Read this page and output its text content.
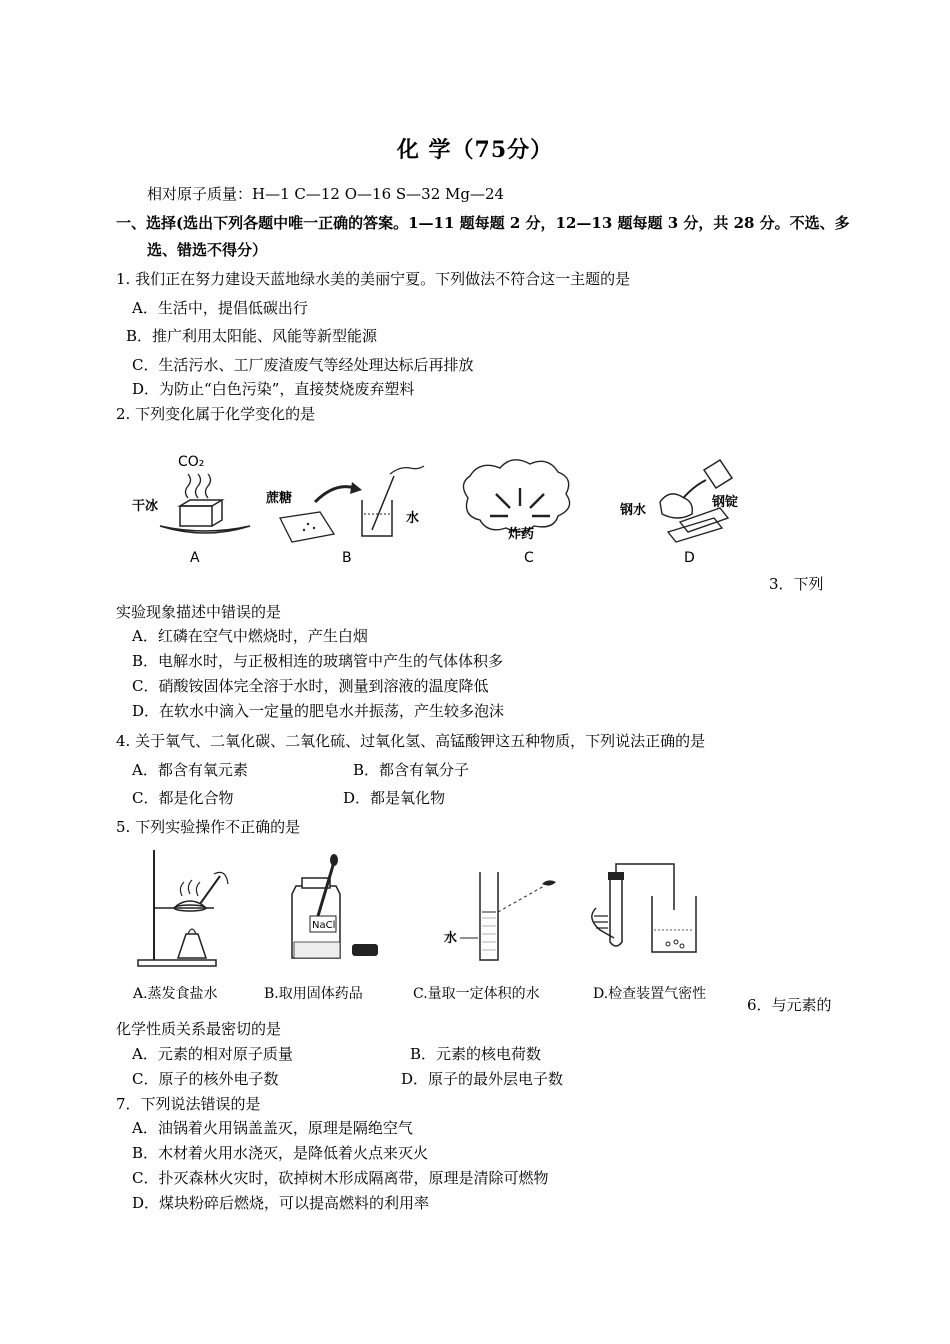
化 学（75分）
相对原子质量：H—1 C—12 O—16 S—32 Mg—24
一、选择(选出下列各题中唯一正确的答案。1—11 题每题 2 分，12—13 题每题 3 分，共 28 分。不选、多
选、错选不得分）
1. 我们正在努力建设天蓝地绿水美的美丽宁夏。下列做法不符合这一主题的是
A．生活中，提倡低碳出行
B．推广利用太阳能、风能等新型能源
C．生活污水、工厂废渣废气等经处理达标后再排放
D．为防止“白色污染”，直接焚烧废弃塑料
2. 下列变化属于化学变化的是
CO₂
干冰
A
蔗糖
水
B
炸药
C
钢水
钢锭
D
3．下列
实验现象描述中错误的是
A．红磷在空气中燃烧时，产生白烟
B．电解水时，与正极相连的玻璃管中产生的气体体积多
C．硝酸铵固体完全溶于水时，测量到溶液的温度降低
D．在软水中滴入一定量的肥皂水并振荡，产生较多泡沫
4. 关于氧气、二氧化碳、二氧化硫、过氧化氢、高锰酸钾这五种物质，下列说法正确的是
A．都含有氧元素	B．都含有氧分子
C．都是化合物	D．都是氧化物
5. 下列实验操作不正确的是
NaCl
水
A.蒸发食盐水	B.取用固体药品	C.量取一定体积的水	D.检查装置气密性
6．与元素的
化学性质关系最密切的是
A．元素的相对原子质量	B．元素的核电荷数
C．原子的核外电子数	D．原子的最外层电子数
7．下列说法错误的是
A．油锅着火用锅盖盖灭，原理是隔绝空气
B．木材着火用水浇灭，是降低着火点来灭火
C．扑灭森林火灾时，砍掉树木形成隔离带，原理是清除可燃物
D．煤块粉碎后燃烧，可以提高燃料的利用率
